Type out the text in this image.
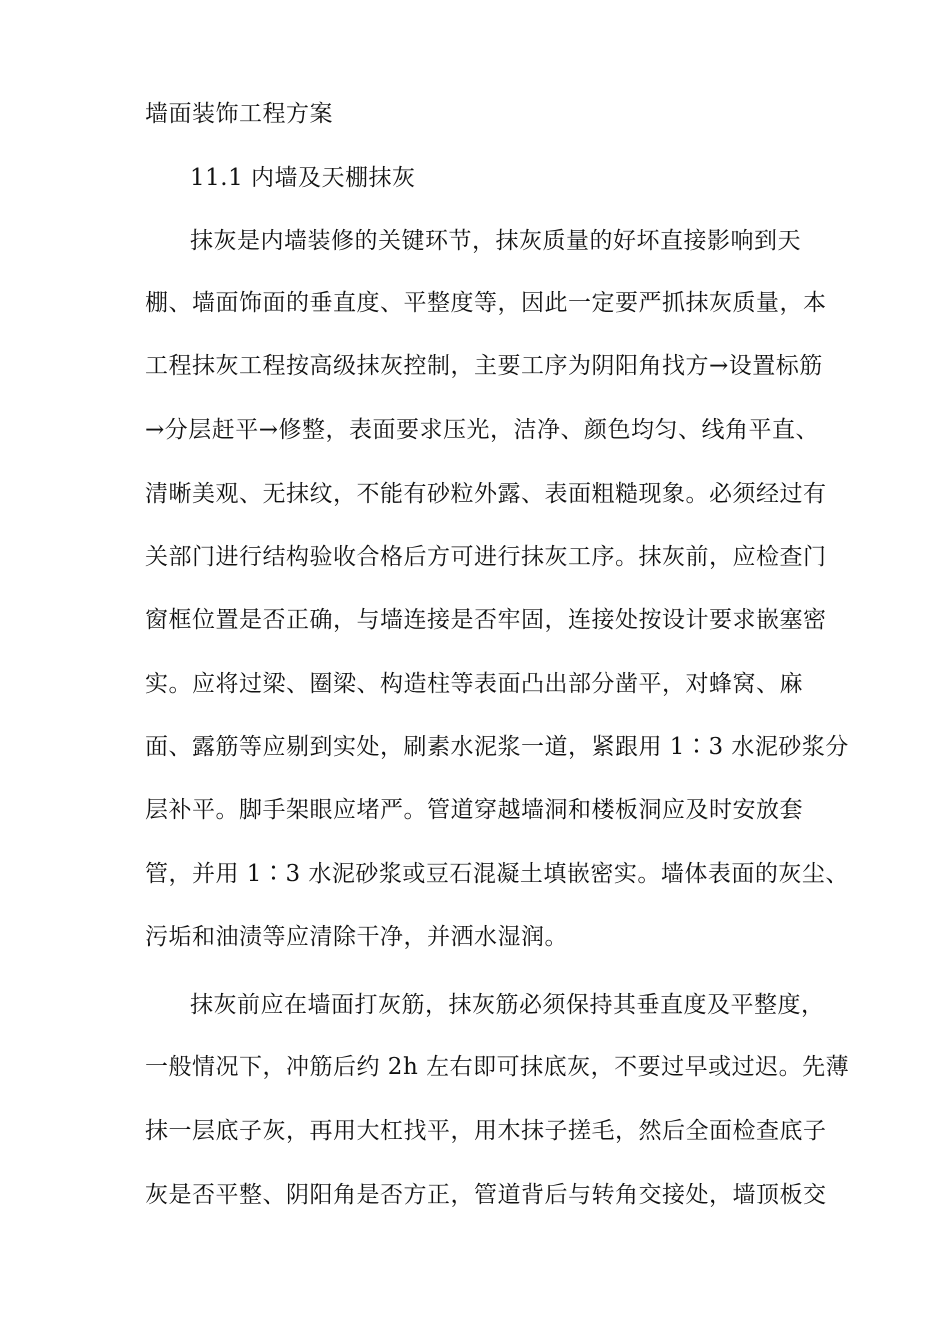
墙面装饰工程方案
11.1 内墙及天棚抹灰
抹灰是内墙装修的关键环节，抹灰质量的好坏直接影响到天
棚、墙面饰面的垂直度、平整度等，因此一定要严抓抹灰质量，本
工程抹灰工程按高级抹灰控制，主要工序为阴阳角找方→设置标筋
→分层赶平→修整，表面要求压光，洁净、颜色均匀、线角平直、
清晰美观、无抹纹，不能有砂粒外露、表面粗糙现象。必须经过有
关部门进行结构验收合格后方可进行抹灰工序。抹灰前，应检查门
窗框位置是否正确，与墙连接是否牢固，连接处按设计要求嵌塞密
实。应将过梁、圈梁、构造柱等表面凸出部分凿平，对蜂窝、麻
面、露筋等应剔到实处，刷素水泥浆一道，紧跟用 1∶3 水泥砂浆分
层补平。脚手架眼应堵严。管道穿越墙洞和楼板洞应及时安放套
管，并用 1∶3 水泥砂浆或豆石混凝土填嵌密实。墙体表面的灰尘、
污垢和油渍等应清除干净，并洒水湿润。
抹灰前应在墙面打灰筋，抹灰筋必须保持其垂直度及平整度，
一般情况下，冲筋后约 2h 左右即可抹底灰，不要过早或过迟。先薄
抹一层底子灰，再用大杠找平，用木抹子搓毛，然后全面检查底子
灰是否平整、阴阳角是否方正，管道背后与转角交接处，墙顶板交
